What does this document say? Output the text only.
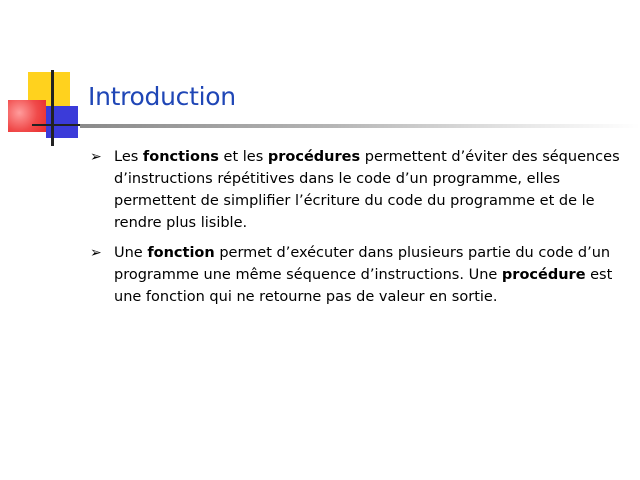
Introduction
➢ Les fonctions et les procédures permettent d’éviter des séquences d’instructions répétitives dans le code d’un programme, elles permettent de simplifier l’écriture du code du programme et de le rendre plus lisible.
➢ Une fonction permet d’exécuter dans plusieurs partie du code d’un programme une même séquence d’instructions. Une procédure est une fonction qui ne retourne pas de valeur en sortie.
